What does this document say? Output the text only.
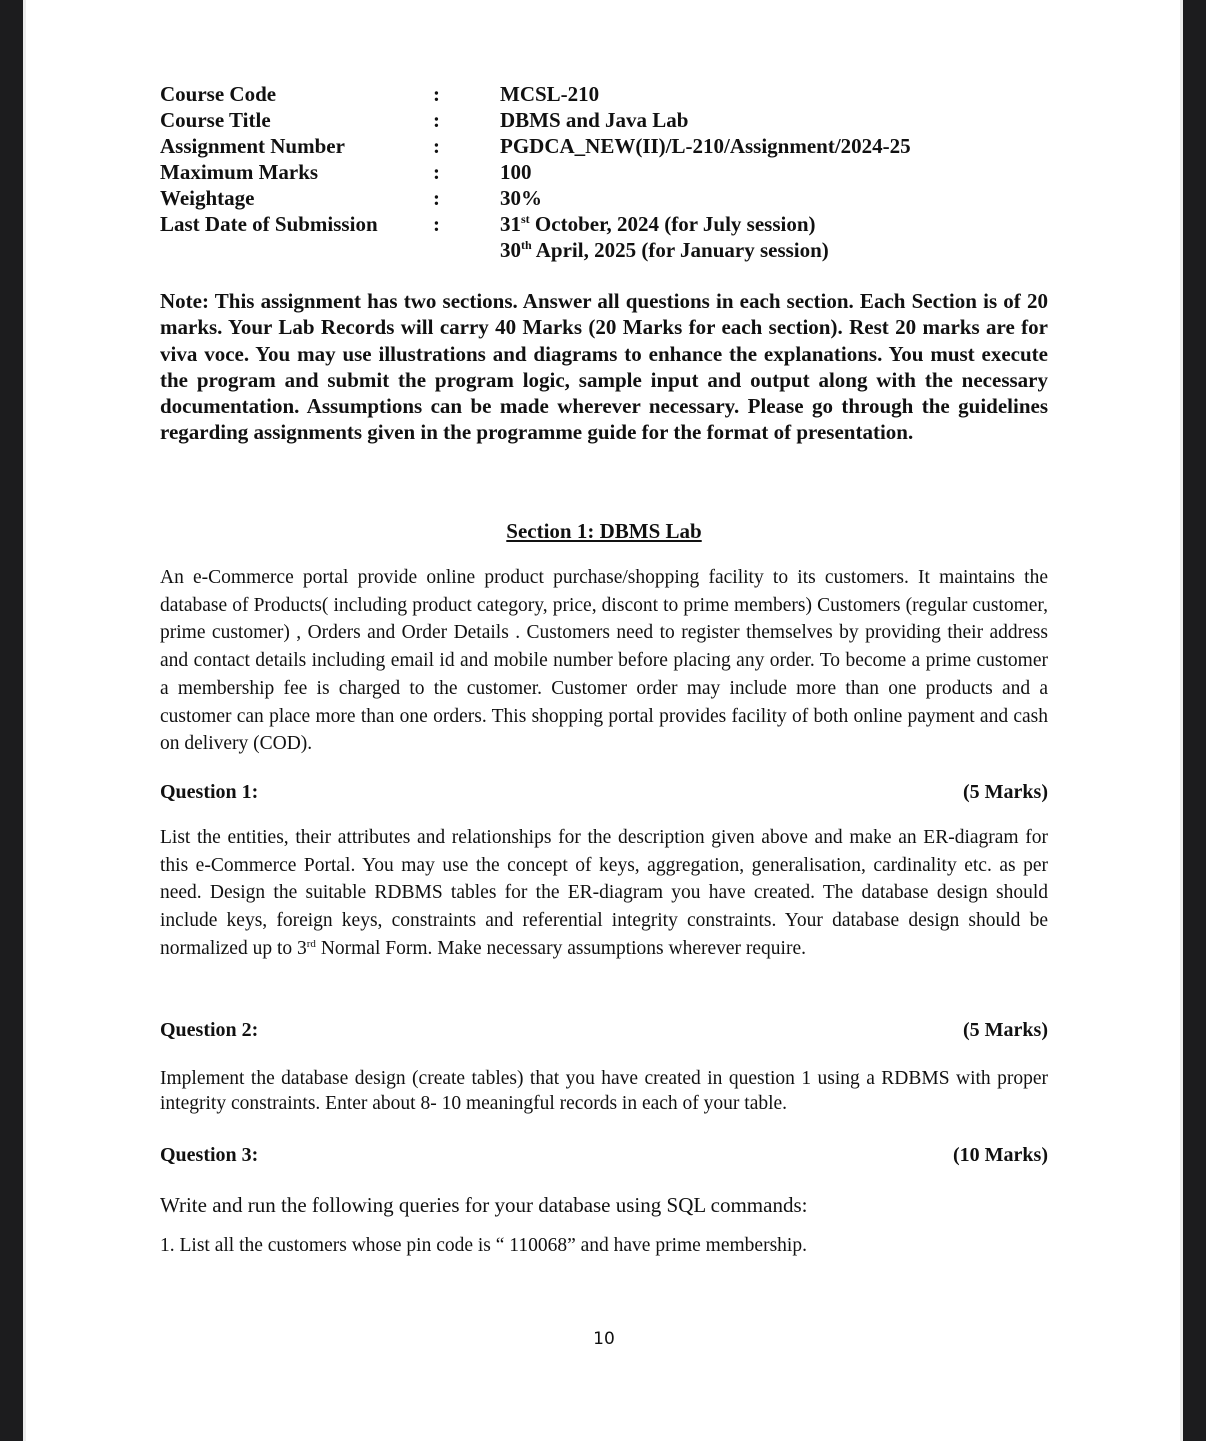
Course Code	:	MCSL-210
Course Title	:	DBMS and Java Lab
Assignment Number	:	PGDCA_NEW(II)/L-210/Assignment/2024-25
Maximum Marks	:	100
Weightage	:	30%
Last Date of Submission	:	31st October, 2024 (for July session)
30th April, 2025 (for January session)
Note: This assignment has two sections. Answer all questions in each section. Each Section is of 20 marks. Your Lab Records will carry 40 Marks (20 Marks for each section). Rest 20 marks are for viva voce. You may use illustrations and diagrams to enhance the explanations. You must execute the program and submit the program logic, sample input and output along with the necessary documentation. Assumptions can be made wherever necessary. Please go through the guidelines regarding assignments given in the programme guide for the format of presentation.
Section 1: DBMS Lab
An e-Commerce portal provide online product purchase/shopping facility to its customers. It maintains the database of Products( including product category, price, discont to prime members) Customers (regular customer, prime customer) , Orders and Order Details . Customers need to register themselves by providing their address and contact details including email id and mobile number before placing any order. To become a prime customer a membership fee is charged to the customer. Customer order may include more than one products and a customer can place more than one orders. This shopping portal provides facility of both online payment and cash on delivery (COD).
Question 1:	(5 Marks)
List the entities, their attributes and relationships for the description given above and make an ER-diagram for this e-Commerce Portal. You may use the concept of keys, aggregation, generalisation, cardinality etc. as per need. Design the suitable RDBMS tables for the ER-diagram you have created. The database design should include keys, foreign keys, constraints and referential integrity constraints. Your database design should be normalized up to 3rd Normal Form. Make necessary assumptions wherever require.
Question 2:	(5 Marks)
Implement the database design (create tables) that you have created in question 1 using a RDBMS with proper integrity constraints. Enter about 8- 10 meaningful records in each of your table.
Question 3:	(10 Marks)
Write and run the following queries for your database using SQL commands:
1. List all the customers whose pin code is “ 110068” and have prime membership.
10
